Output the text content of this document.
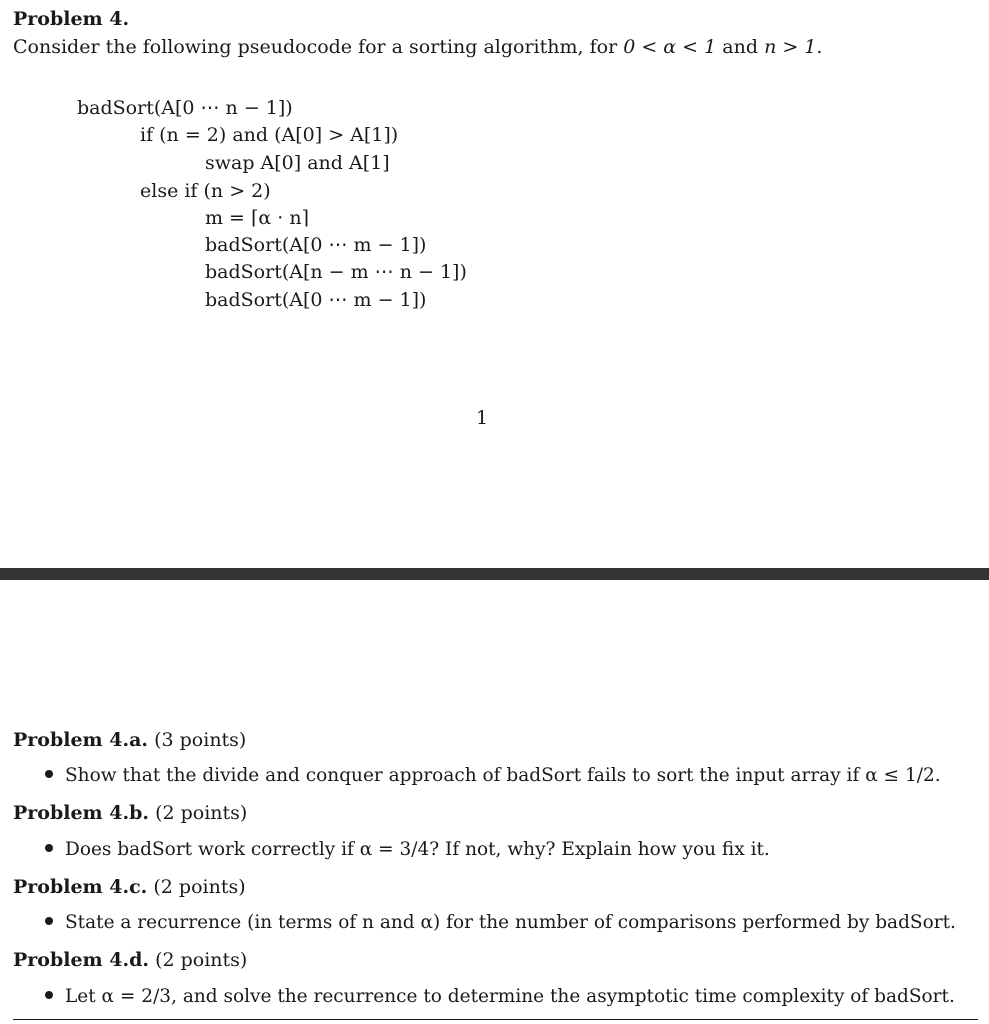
Problem 4.
Consider the following pseudocode for a sorting algorithm, for 0 < α < 1 and n > 1.
badSort(A[0 ⋯ n − 1])
if (n = 2) and (A[0] > A[1])
swap A[0] and A[1]
else if (n > 2)
m = ⌈α · n⌉
badSort(A[0 ⋯ m − 1])
badSort(A[n − m ⋯ n − 1])
badSort(A[0 ⋯ m − 1])
1
Problem 4.a. (3 points)
Show that the divide and conquer approach of badSort fails to sort the input array if α ≤ 1/2.
Problem 4.b. (2 points)
Does badSort work correctly if α = 3/4? If not, why? Explain how you fix it.
Problem 4.c. (2 points)
State a recurrence (in terms of n and α) for the number of comparisons performed by badSort.
Problem 4.d. (2 points)
Let α = 2/3, and solve the recurrence to determine the asymptotic time complexity of badSort.
